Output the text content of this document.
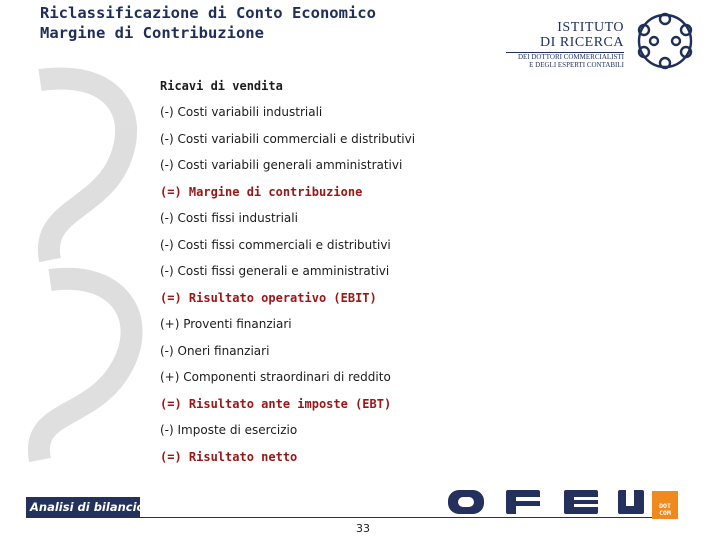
Riclassificazione di Conto Economico
Margine di Contribuzione	ISTITUTO
DI RICERCA
DEI DOTTORI COMMERCIALISTI
E DEGLI ESPERTI CONTABILI
Ricavi di vendita
(-) Costi variabili industriali
(-) Costi variabili commerciali e distributivi
(-) Costi variabili generali amministrativi
(=) Margine di contribuzione
(-) Costi fissi industriali
(-) Costi fissi commerciali e distributivi
(-) Costi fissi generali e amministrativi
(=) Risultato operativo (EBIT)
(+) Proventi finanziari
(-) Oneri finanziari
(+) Componenti straordinari di reddito
(=) Risultato ante imposte (EBT)
(-) Imposte di esercizio
(=) Risultato netto
Analisi di bilancio
33
DOT COM
